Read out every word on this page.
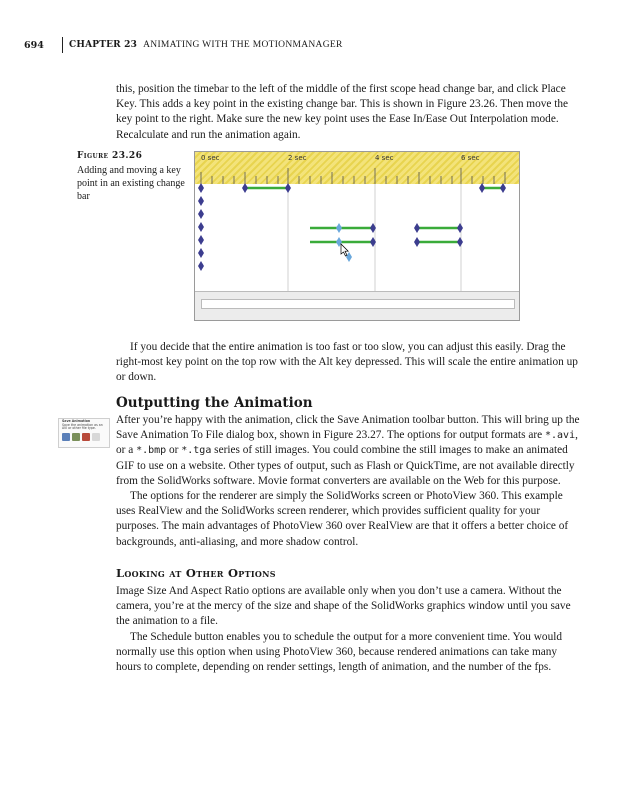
694	CHAPTER 23 ANIMATING WITH THE MOTIONMANAGER

this, position the timebar to the left of the middle of the first scope head change bar, and click Place Key. This adds a key point in the existing change bar. This is shown in Figure 23.26. Then move the key point to the right. Make sure the new key point uses the Ease In/Ease Out Interpolation mode. Recalculate and run the animation again.

Figure 23.26
Adding and moving a key point in an existing change bar
0 sec	2 sec	4 sec	6 sec

If you decide that the entire animation is too fast or too slow, you can adjust this easily. Drag the right-most key point on the top row with the Alt key depressed. This will scale the entire animation up or down.

Outputting the Animation
Save Animation
Save the animation as an AVI or other file type.

After you’re happy with the animation, click the Save Animation toolbar button. This will bring up the Save Animation To File dialog box, shown in Figure 23.27. The options for output formats are *.avi, or a *.bmp or *.tga series of still images. You could combine the still images to make an animated GIF to use on a website. Other types of output, such as Flash or QuickTime, are not available directly from the SolidWorks software. Movie format converters are available on the Web for this purpose.

The options for the renderer are simply the SolidWorks screen or PhotoView 360. This example uses RealView and the SolidWorks screen renderer, which provides sufficient quality for your purposes. The main advantages of PhotoView 360 over RealView are that it offers a better choice of backgrounds, anti-aliasing, and more shadow control.

Looking at Other Options

Image Size And Aspect Ratio options are available only when you don’t use a camera. Without the camera, you’re at the mercy of the size and shape of the SolidWorks graphics window until you save the animation to a file.

The Schedule button enables you to schedule the output for a more convenient time. You would normally use this option when using PhotoView 360, because rendered animations can take many hours to complete, depending on render settings, length of animation, and the number of the fps.
